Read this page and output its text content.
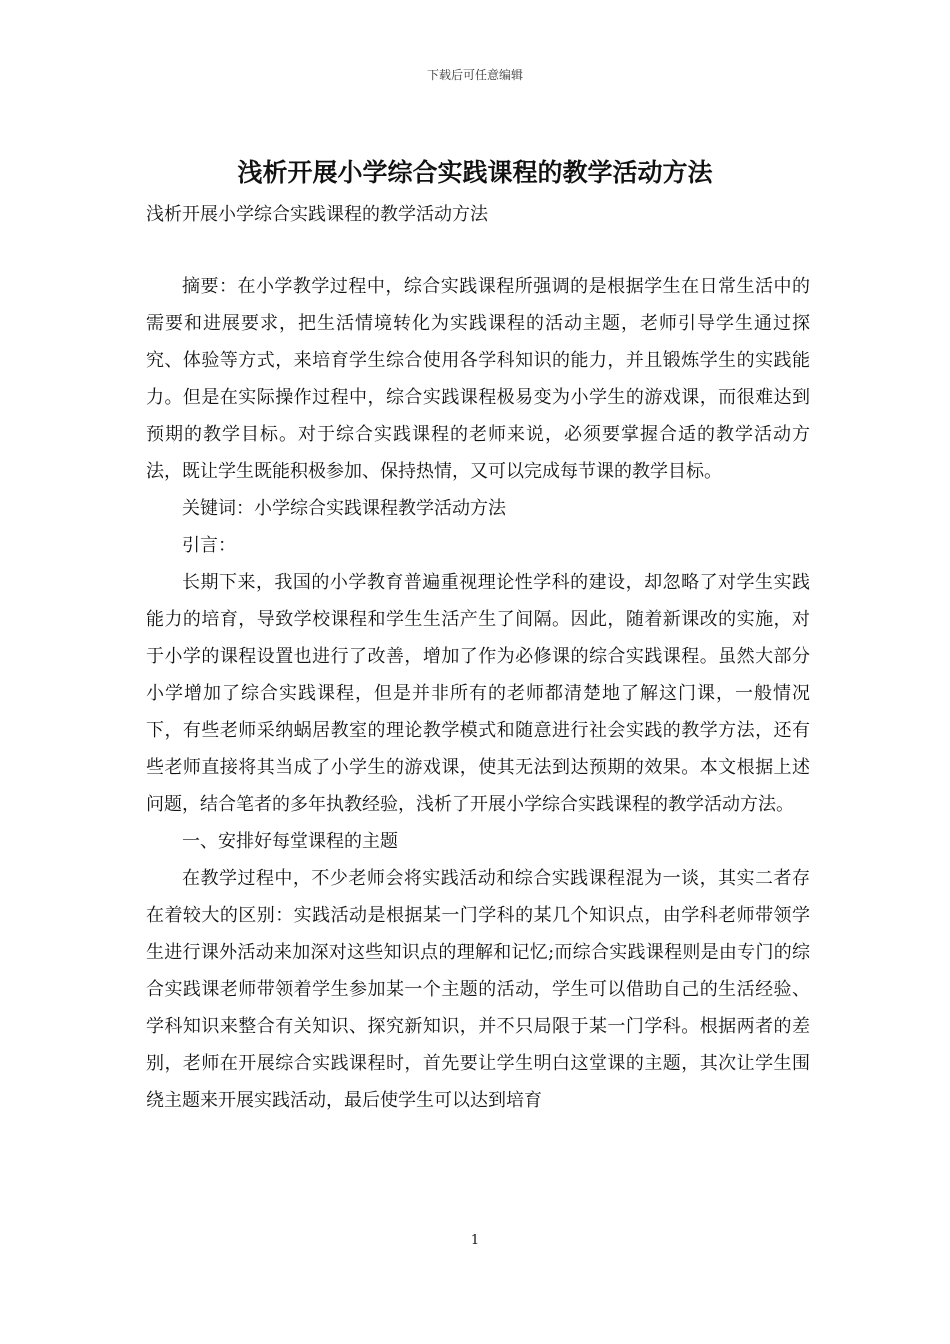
下载后可任意编辑
浅析开展小学综合实践课程的教学活动方法

浅析开展小学综合实践课程的教学活动方法

摘要：在小学教学过程中，综合实践课程所强调的是根据学生在日常生活中的需要和进展要求，把生活情境转化为实践课程的活动主题，老师引导学生通过探究、体验等方式，来培育学生综合使用各学科知识的能力，并且锻炼学生的实践能力。但是在实际操作过程中，综合实践课程极易变为小学生的游戏课，而很难达到预期的教学目标。对于综合实践课程的老师来说，必须要掌握合适的教学活动方法，既让学生既能积极参加、保持热情，又可以完成每节课的教学目标。

关键词：小学综合实践课程教学活动方法

引言：

长期下来，我国的小学教育普遍重视理论性学科的建设，却忽略了对学生实践能力的培育，导致学校课程和学生生活产生了间隔。因此，随着新课改的实施，对于小学的课程设置也进行了改善，增加了作为必修课的综合实践课程。虽然大部分小学增加了综合实践课程，但是并非所有的老师都清楚地了解这门课，一般情况下，有些老师采纳蜗居教室的理论教学模式和随意进行社会实践的教学方法，还有些老师直接将其当成了小学生的游戏课，使其无法到达预期的效果。本文根据上述问题，结合笔者的多年执教经验，浅析了开展小学综合实践课程的教学活动方法。

一、安排好每堂课程的主题

在教学过程中，不少老师会将实践活动和综合实践课程混为一谈，其实二者存在着较大的区别：实践活动是根据某一门学科的某几个知识点，由学科老师带领学生进行课外活动来加深对这些知识点的理解和记忆;而综合实践课程则是由专门的综合实践课老师带领着学生参加某一个主题的活动，学生可以借助自己的生活经验、学科知识来整合有关知识、探究新知识，并不只局限于某一门学科。根据两者的差别，老师在开展综合实践课程时，首先要让学生明白这堂课的主题，其次让学生围绕主题来开展实践活动，最后使学生可以达到培育

1
